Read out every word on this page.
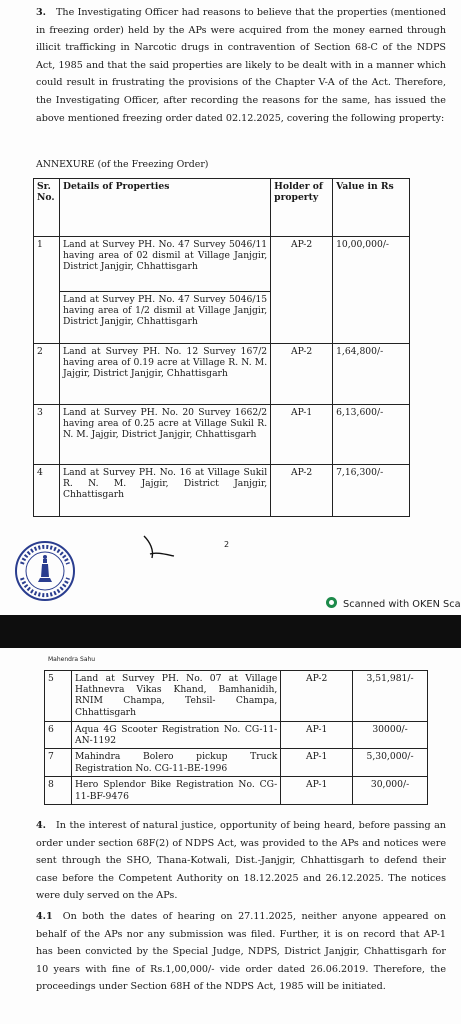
3. The Investigating Officer had reasons to believe that the properties (mentioned in freezing order) held by the APs were acquired from the money earned through illicit trafficking in Narcotic drugs in contravention of Section 68-C of the NDPS Act, 1985 and that the said properties are likely to be dealt with in a manner which could result in frustrating the provisions of the Chapter V-A of the Act. Therefore, the Investigating Officer, after recording the reasons for the same, has issued the above mentioned freezing order dated 02.12.2025, covering the following property:
ANNEXURE (of the Freezing Order)
Sr. No.	Details of Properties	Holder of property	Value in Rs
1	Land at Survey PH. No. 47 Survey 5046/11 having area of 02 dismil at Village Janjgir, District Janjgir, Chhattisgarh	AP-2	10,00,000/-
	Land at Survey PH. No. 47 Survey 5046/15 having area of 1/2 dismil at Village Janjgir, District Janjgir, Chhattisgarh		
2	Land at Survey PH. No. 12 Survey 167/2 having area of 0.19 acre at Village R. N. M. Jajgir, District Janjgir, Chhattisgarh	AP-2	1,64,800/-
3	Land at Survey PH. No. 20 Survey 1662/2 having area of 0.25 acre at Village Sukil R. N. M. Jajgir, District Janjgir, Chhattisgarh	AP-1	6,13,600/-
4	Land at Survey PH. No. 16 at Village Sukil R. N. M. Jajgir, District Janjgir, Chhattisgarh	AP-2	7,16,300/-
2
Scanned with OKEN Sca
Mahendra Sahu
5	Land at Survey PH. No. 07 at Village Hathnevra Vikas Khand, Bamhanidih, RNIM Champa, Tehsil- Champa, Chhattisgarh	AP-2	3,51,981/-
6	Aqua 4G Scooter Registration No. CG-11-AN-1192	AP-1	30000/-
7	Mahindra Bolero pickup Truck Registration No. CG-11-BE-1996	AP-1	5,30,000/-
8	Hero Splendor Bike Registration No. CG-11-BF-9476	AP-1	30,000/-
4. In the interest of natural justice, opportunity of being heard, before passing an order under section 68F(2) of NDPS Act, was provided to the APs and notices were sent through the SHO, Thana-Kotwali, Dist.-Janjgir, Chhattisgarh to defend their case before the Competent Authority on 18.12.2025 and 26.12.2025. The notices were duly served on the APs.
4.1 On both the dates of hearing on 27.11.2025, neither anyone appeared on behalf of the APs nor any submission was filed. Further, it is on record that AP-1 has been convicted by the Special Judge, NDPS, District Janjgir, Chhattisgarh for 10 years with fine of Rs.1,00,000/- vide order dated 26.06.2019. Therefore, the proceedings under Section 68H of the NDPS Act, 1985 will be initiated.
